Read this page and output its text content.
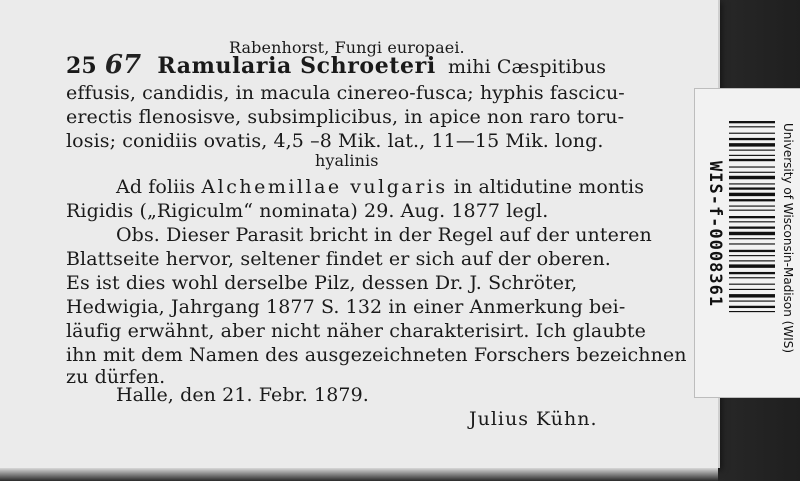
Rabenhorst, Fungi europaei.
25 67 Ramularia Schroeteri mihi Cæspitibus
effusis, candidis, in macula cinereo-fusca; hyphis fascicu-
erectis flenosisve, subsimplicibus, in apice non raro toru-
losis; conidiis ovatis, 4,5 –8 Mik. lat., 11—15 Mik. long.
hyalinis
Ad foliis Alchemillae vulgaris in altidutine montis
Rigidis („Rigiculm“ nominata) 29. Aug. 1877 legl.
Obs. Dieser Parasit bricht in der Regel auf der unteren
Blattseite hervor, seltener findet er sich auf der oberen.
Es ist dies wohl derselbe Pilz, dessen Dr. J. Schröter,
Hedwigia, Jahrgang 1877 S. 132 in einer Anmerkung bei-
läufig erwähnt, aber nicht näher charakterisirt. Ich glaubte
ihn mit dem Namen des ausgezeichneten Forschers bezeichnen
zu dürfen.
Halle, den 21. Febr. 1879.
Julius Kühn.
WIS-f-0008361	University of Wisconsin-Madison (WIS)
